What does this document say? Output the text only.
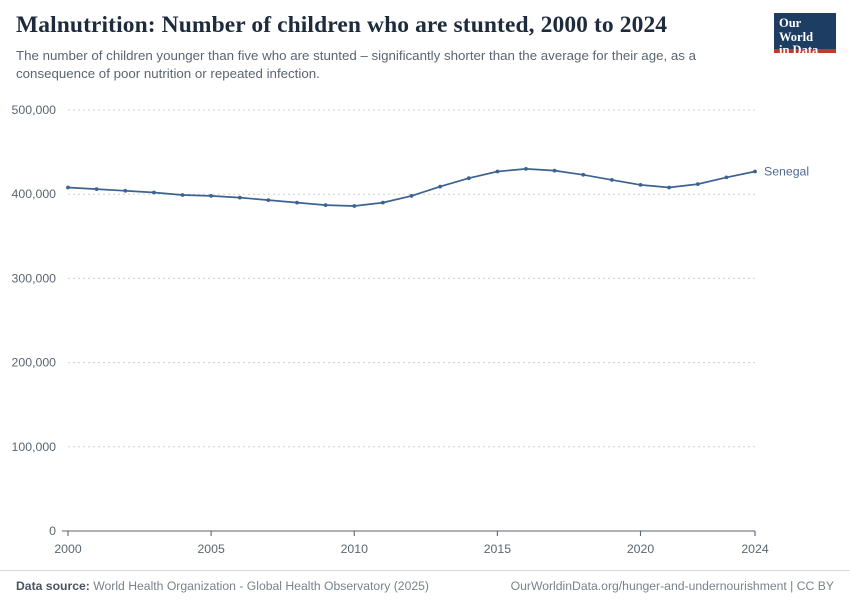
Malnutrition: Number of children who are stunted, 2000 to 2024

The number of children younger than five who are stunted – significantly shorter than the average for their age, as a consequence of poor nutrition or repeated infection.

Our World
in Data
0
100,000
200,000
300,000
400,000
500,000
2000	2005	2010	2015	2020	2024
Senegal
Data source: World Health Organization - Global Health Observatory (2025)	OurWorldinData.org/hunger-and-undernourishment | CC BY
